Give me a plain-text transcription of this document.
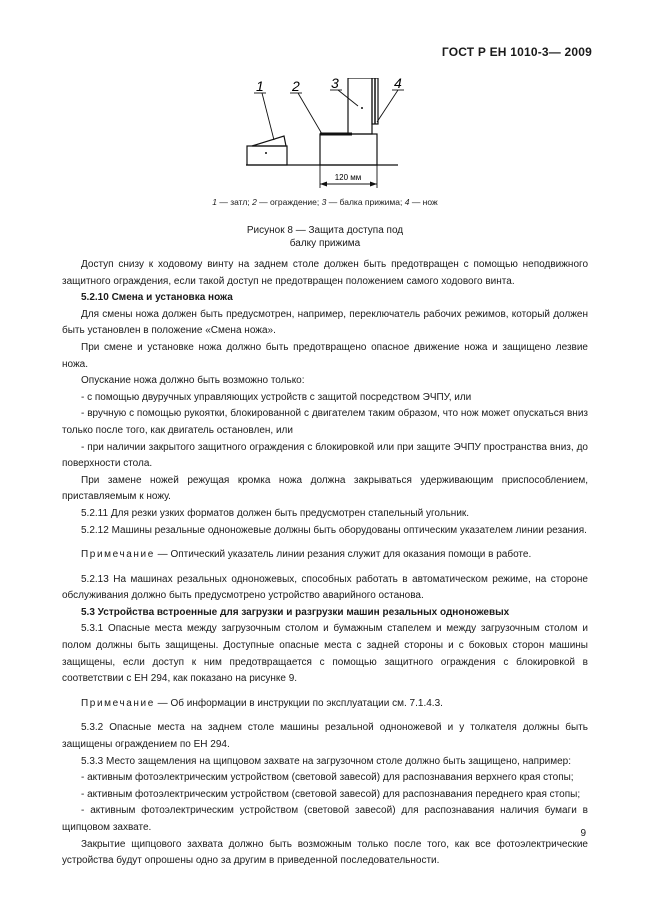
ГОСТ Р ЕН 1010-3— 2009
1 2 3	4
120 мм
1 — затл; 2 — ограждение; 3 — балка прижима; 4 — нож
Рисунок 8 — Защита доступа под
балку прижима

Доступ снизу к ходовому винту на заднем столе должен быть предотвращен с помощью неподвижного защитного ограждения, если такой доступ не предотвращен положением самого ходового винта.

5.2.10 Смена и установка ножа

Для смены ножа должен быть предусмотрен, например, переключатель рабочих режимов, который должен быть установлен в положение «Смена ножа».

При смене и установке ножа должно быть предотвращено опасное движение ножа и защищено лезвие ножа.

Опускание ножа должно быть возможно только:

- с помощью двуручных управляющих устройств с защитой посредством ЭЧПУ, или

- вручную с помощью рукоятки, блокированной с двигателем таким образом, что нож может опускаться вниз только после того, как двигатель остановлен, или

- при наличии закрытого защитного ограждения с блокировкой или при защите ЭЧПУ пространства вниз, до поверхности стола.

При замене ножей режущая кромка ножа должна закрываться удерживающим приспособлением, приставляемым к ножу.

5.2.11 Для резки узких форматов должен быть предусмотрен стапельный угольник.

5.2.12 Машины резальные одноножевые должны быть оборудованы оптическим указателем линии резания.

Примечание — Оптический указатель линии резания служит для оказания помощи в работе.

5.2.13 На машинах резальных одноножевых, способных работать в автоматическом режиме, на стороне обслуживания должно быть предусмотрено устройство аварийного останова.

5.3 Устройства встроенные для загрузки и разгрузки машин резальных одноножевых

5.3.1 Опасные места между загрузочным столом и бумажным стапелем и между загрузочным столом и полом должны быть защищены. Доступные опасные места с задней стороны и с боковых сторон машины защищены, если доступ к ним предотвращается с помощью защитного ограждения с блокировкой в соответствии с ЕН 294, как показано на рисунке 9.

Примечание — Об информации в инструкции по эксплуатации см. 7.1.4.3.

5.3.2 Опасные места на заднем столе машины резальной одноножевой и у толкателя должны быть защищены ограждением по ЕН 294.

5.3.3 Место защемления на щипцовом захвате на загрузочном столе должно быть защищено, например:

- активным фотоэлектрическим устройством (световой завесой) для распознавания верхнего края стопы;

- активным фотоэлектрическим устройством (световой завесой) для распознавания переднего края стопы;

- активным фотоэлектрическим устройством (световой завесой) для распознавания наличия бумаги в щипцовом захвате.

Закрытие щипцового захвата должно быть возможным только после того, как все фотоэлектрические устройства будут опрошены одно за другим в приведенной последовательности.

9
